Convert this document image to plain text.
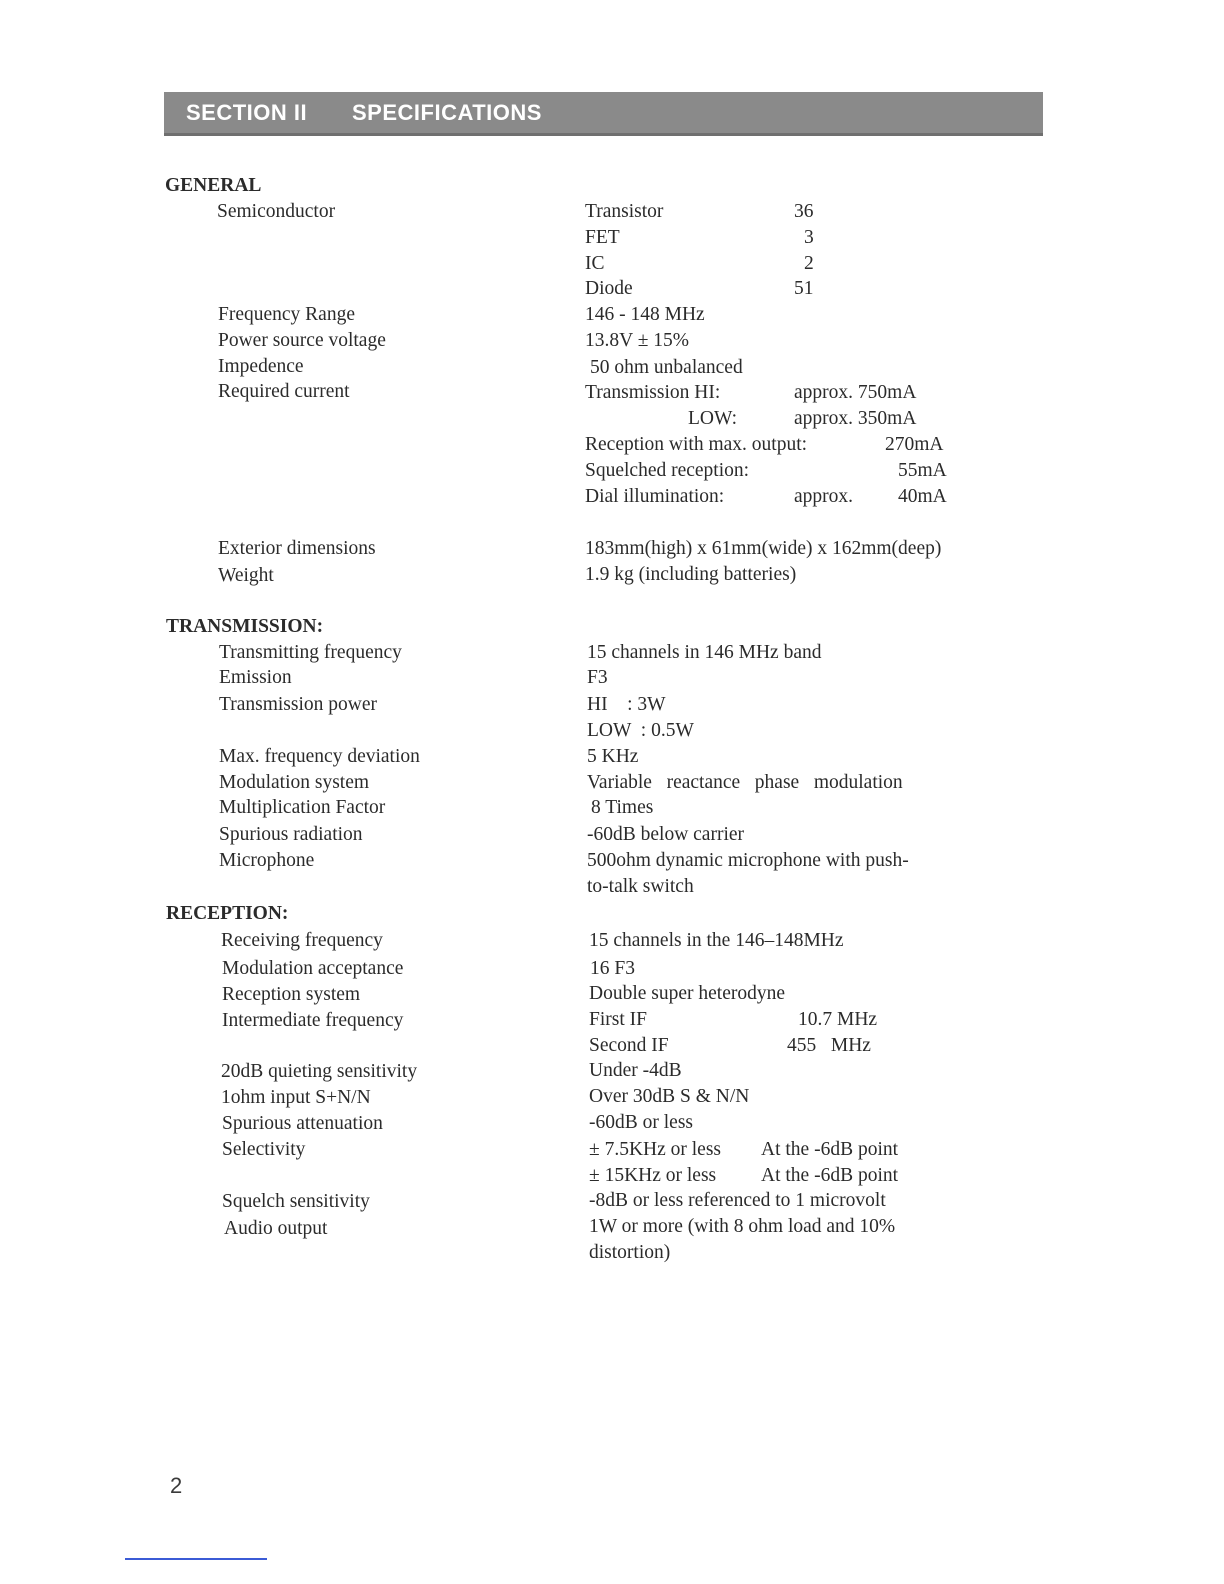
SECTION II SPECIFICATIONS
GENERAL
Semiconductor	Transistor	36
FET	3
IC	2
Diode	51
Frequency Range	146 - 148 MHz
Power source voltage	13.8V ± 15%
Impedence	50 ohm unbalanced
Required current	Transmission HI:	approx. 750mA
LOW:	approx. 350mA
Reception with max. output:	270mA
Squelched reception:	55mA
Dial illumination:	approx. 40mA
Exterior dimensions	183mm(high) x 61mm(wide) x 162mm(deep)
Weight	1.9 kg (including batteries)
TRANSMISSION:
Transmitting frequency	15 channels in 146 MHz band
Emission	F3
Transmission power	HI    : 3W
LOW  : 0.5W
Max. frequency deviation	5 KHz
Modulation system	Variable   reactance   phase   modulation
Multiplication Factor	8 Times
Spurious radiation	-60dB below carrier
Microphone	500ohm dynamic microphone with push-
to-talk switch
RECEPTION:
Receiving frequency	15 channels in the 146–148MHz
Modulation acceptance	16 F3
Reception system	Double super heterodyne
Intermediate frequency	First IF	10.7 MHz
Second IF	455   MHz
20dB quieting sensitivity	Under -4dB
1ohm input S+N/N	Over 30dB S & N/N
Spurious attenuation	-60dB or less
Selectivity	± 7.5KHz or less At the -6dB point
± 15KHz or less At the -6dB point
Squelch sensitivity	-8dB or less referenced to 1 microvolt
Audio output	1W or more (with 8 ohm load and 10%
distortion)
2
